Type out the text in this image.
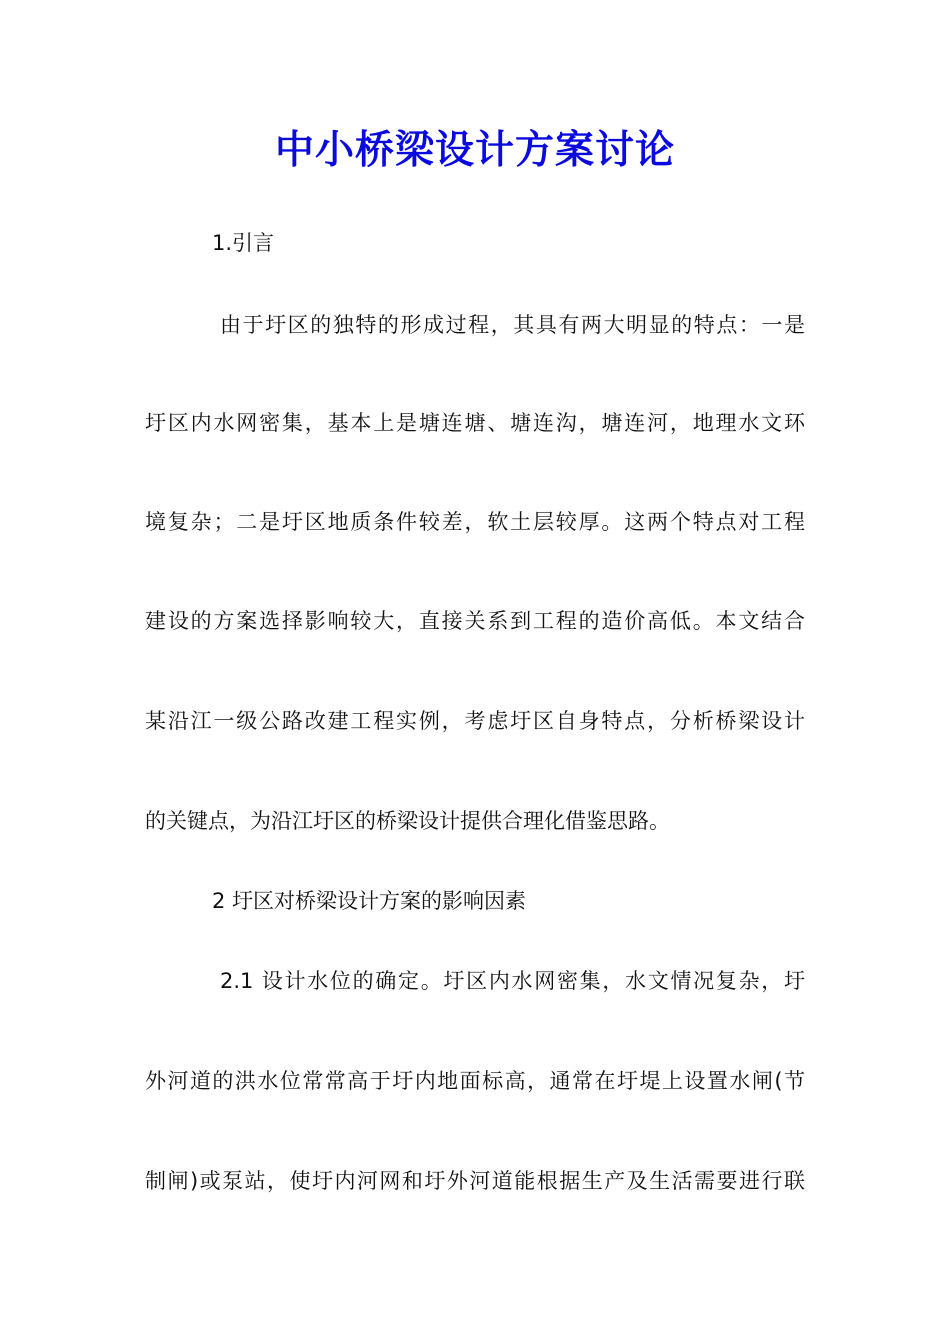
中小桥梁设计方案讨论
1.引言
由于圩区的独特的形成过程，其具有两大明显的特点：一是
圩区内水网密集，基本上是塘连塘、塘连沟，塘连河，地理水文环
境复杂；二是圩区地质条件较差，软土层较厚。这两个特点对工程
建设的方案选择影响较大，直接关系到工程的造价高低。本文结合
某沿江一级公路改建工程实例，考虑圩区自身特点，分析桥梁设计
的关键点，为沿江圩区的桥梁设计提供合理化借鉴思路。
2 圩区对桥梁设计方案的影响因素
2.1 设计水位的确定。圩区内水网密集，水文情况复杂，圩
外河道的洪水位常常高于圩内地面标高，通常在圩堤上设置水闸(节
制闸)或泵站，使圩内河网和圩外河道能根据生产及生活需要进行联
